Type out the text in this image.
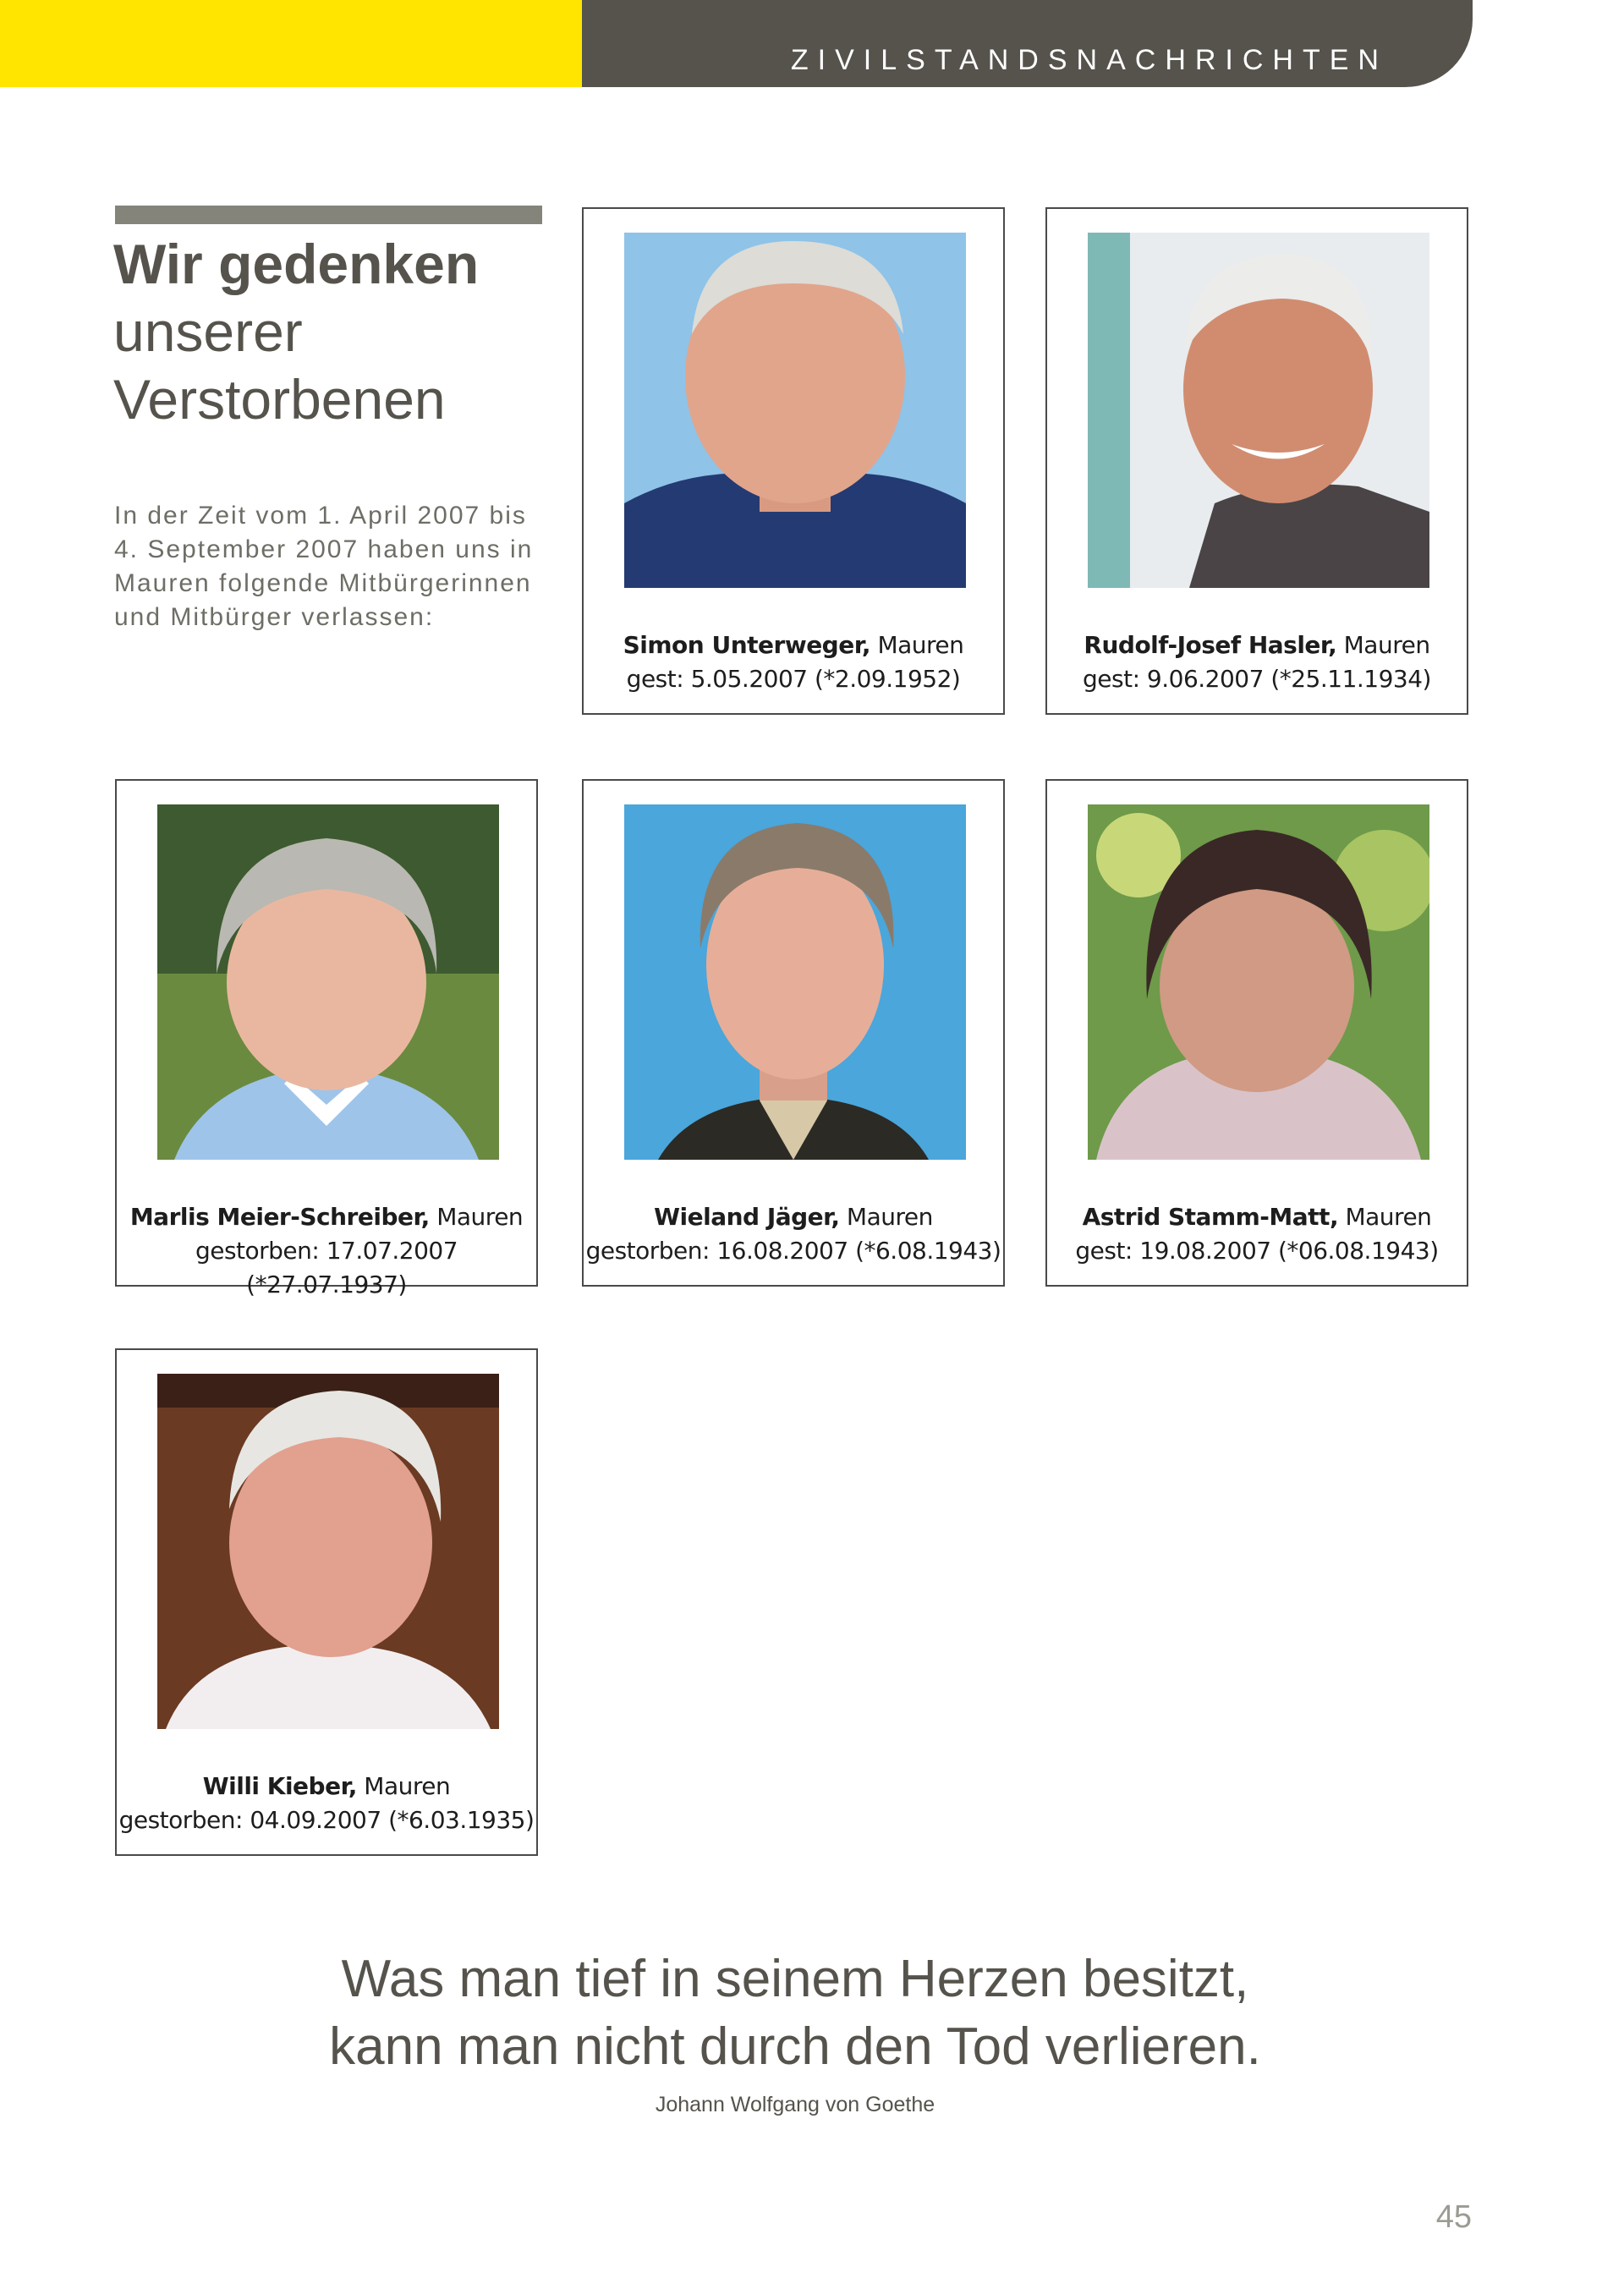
ZIVILSTANDSNACHRICHTEN
Wir gedenken
unserer
Verstorbenen
In der Zeit vom 1. April 2007 bis 4. September 2007 haben uns in Mauren folgende Mitbürgerinnen und Mitbürger verlassen:
Simon Unterweger, Mauren
gest: 5.05.2007 (*2.09.1952)
Rudolf-Josef Hasler, Mauren
gest: 9.06.2007 (*25.11.1934)
Marlis Meier-Schreiber, Mauren
gestorben: 17.07.2007 (*27.07.1937)
Wieland Jäger, Mauren
gestorben: 16.08.2007 (*6.08.1943)
Astrid Stamm-Matt, Mauren
gest: 19.08.2007 (*06.08.1943)
Willi Kieber, Mauren
gestorben: 04.09.2007 (*6.03.1935)
Was man tief in seinem Herzen besitzt,
kann man nicht durch den Tod verlieren.
Johann Wolfgang von Goethe
45
